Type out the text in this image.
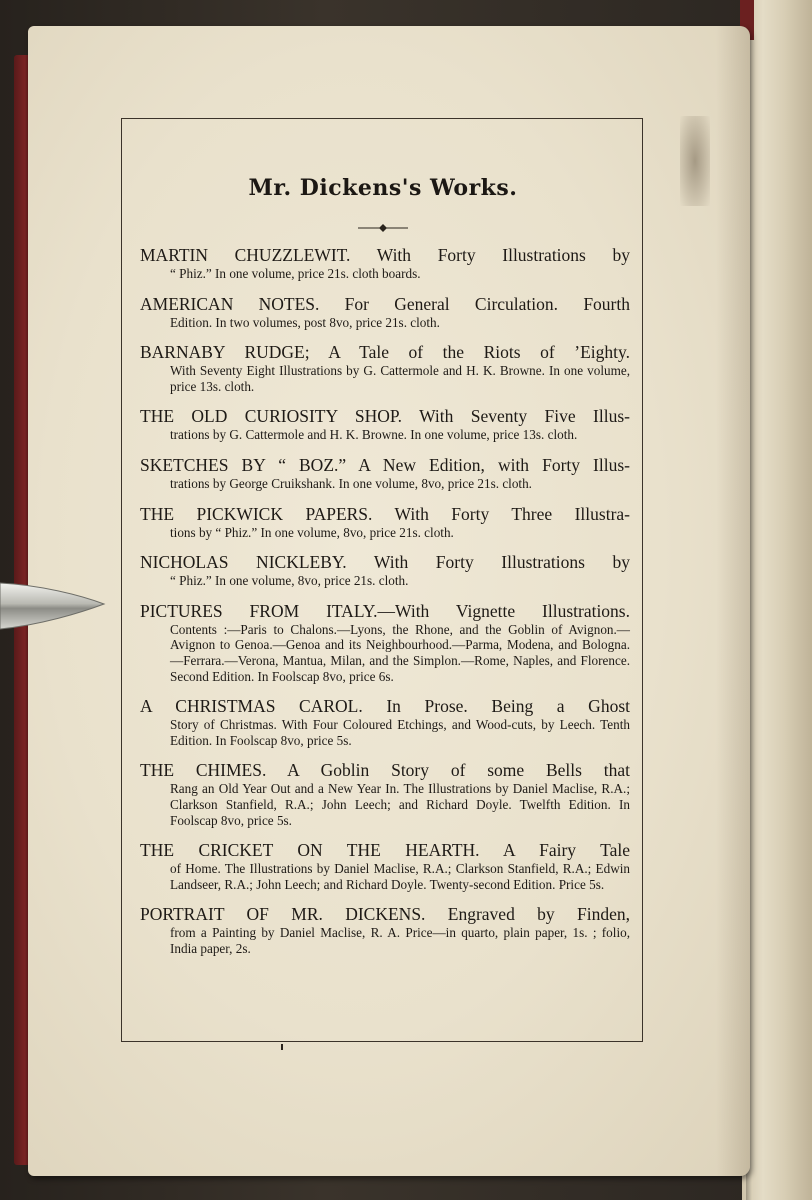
Mr. Dickens's Works.
MARTIN CHUZZLEWIT. With Forty Illustrations by
“ Phiz.” In one volume, price 21s. cloth boards.
AMERICAN NOTES. For General Circulation. Fourth
Edition. In two volumes, post 8vo, price 21s. cloth.
BARNABY RUDGE; A Tale of the Riots of ’Eighty.
With Seventy Eight Illustrations by G. Cattermole and H. K. Browne. In one volume, price 13s. cloth.
THE OLD CURIOSITY SHOP. With Seventy Five Illus-
trations by G. Cattermole and H. K. Browne. In one volume, price 13s. cloth.
SKETCHES BY “ BOZ.” A New Edition, with Forty Illus-
trations by George Cruikshank. In one volume, 8vo, price 21s. cloth.
THE PICKWICK PAPERS. With Forty Three Illustra-
tions by “ Phiz.” In one volume, 8vo, price 21s. cloth.
NICHOLAS NICKLEBY. With Forty Illustrations by
“ Phiz.” In one volume, 8vo, price 21s. cloth.
PICTURES FROM ITALY.—With Vignette Illustrations.
Contents :—Paris to Chalons.—Lyons, the Rhone, and the Goblin of Avignon.—Avignon to Genoa.—Genoa and its Neighbourhood.—Parma, Modena, and Bologna.—Ferrara.—Verona, Mantua, Milan, and the Simplon.—Rome, Naples, and Florence. Second Edition. In Foolscap 8vo, price 6s.
A CHRISTMAS CAROL. In Prose. Being a Ghost
Story of Christmas. With Four Coloured Etchings, and Wood-cuts, by Leech. Tenth Edition. In Foolscap 8vo, price 5s.
THE CHIMES. A Goblin Story of some Bells that
Rang an Old Year Out and a New Year In. The Illustrations by Daniel Maclise, R.A.; Clarkson Stanfield, R.A.; John Leech; and Richard Doyle. Twelfth Edition. In Foolscap 8vo, price 5s.
THE CRICKET ON THE HEARTH. A Fairy Tale
of Home. The Illustrations by Daniel Maclise, R.A.; Clarkson Stanfield, R.A.; Edwin Landseer, R.A.; John Leech; and Richard Doyle. Twenty-second Edition. Price 5s.
PORTRAIT OF MR. DICKENS. Engraved by Finden,
from a Painting by Daniel Maclise, R. A. Price—in quarto, plain paper, 1s. ; folio, India paper, 2s.
